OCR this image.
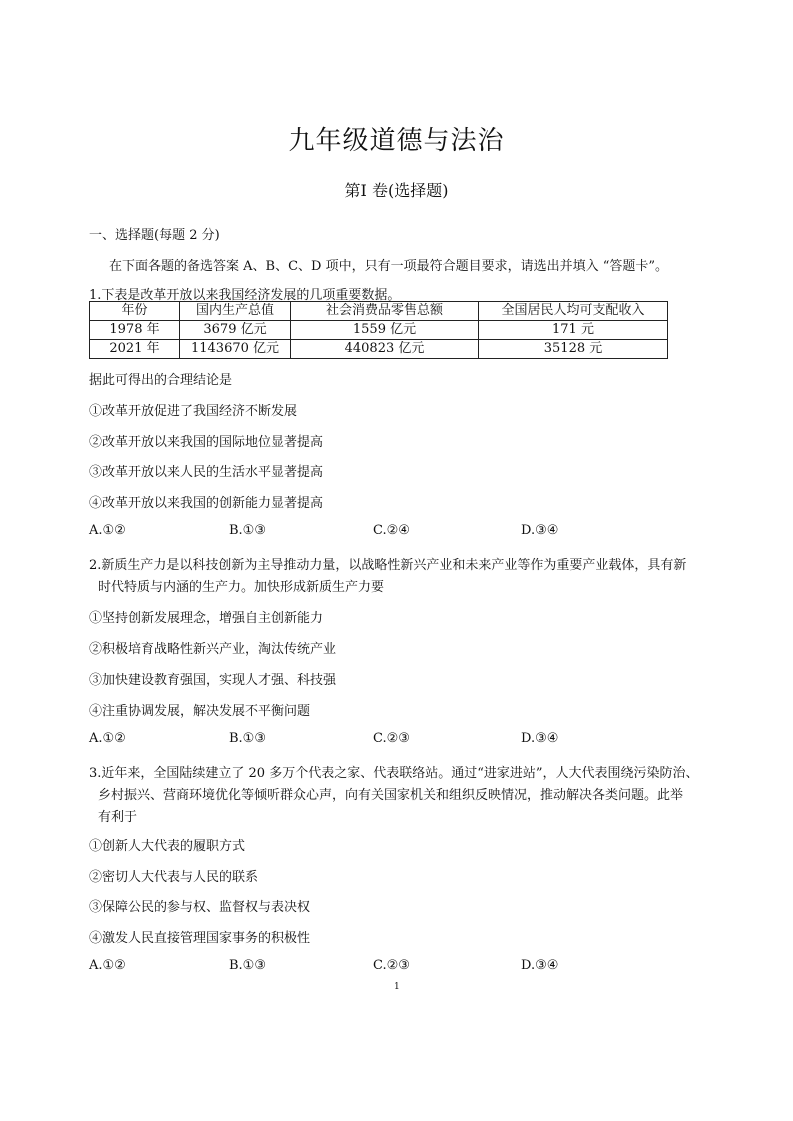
九年级道德与法治
第Ⅰ 卷(选择题)
一、选择题(每题 2 分)
在下面各题的备选答案 A、B、C、D 项中，只有一项最符合题目要求，请选出并填入 “答题卡”。
1.下表是改革开放以来我国经济发展的几项重要数据。
年份	国内生产总值	社会消费品零售总额	全国居民人均可支配收入
1978 年	3679 亿元	1559 亿元	171 元
2021 年	1143670 亿元	440823 亿元	35128 元
据此可得出的合理结论是
①改革开放促进了我国经济不断发展
②改革开放以来我国的国际地位显著提高
③改革开放以来人民的生活水平显著提高
④改革开放以来我国的创新能力显著提高
A.①②	B.①③	C.②④	D.③④
2.新质生产力是以科技创新为主导推动力量，以战略性新兴产业和未来产业等作为重要产业载体，具有新
时代特质与内涵的生产力。加快形成新质生产力要
①坚持创新发展理念，增强自主创新能力
②积极培育战略性新兴产业，淘汰传统产业
③加快建设教育强国，实现人才强、科技强
④注重协调发展，解决发展不平衡问题
A.①②	B.①③	C.②③	D.③④
3.近年来，全国陆续建立了 20 多万个代表之家、代表联络站。通过“进家进站”，人大代表围绕污染防治、
乡村振兴、营商环境优化等倾听群众心声，向有关国家机关和组织反映情况，推动解决各类问题。此举
有利于
①创新人大代表的履职方式
②密切人大代表与人民的联系
③保障公民的参与权、监督权与表决权
④激发人民直接管理国家事务的积极性
A.①②	B.①③	C.②③	D.③④
1
